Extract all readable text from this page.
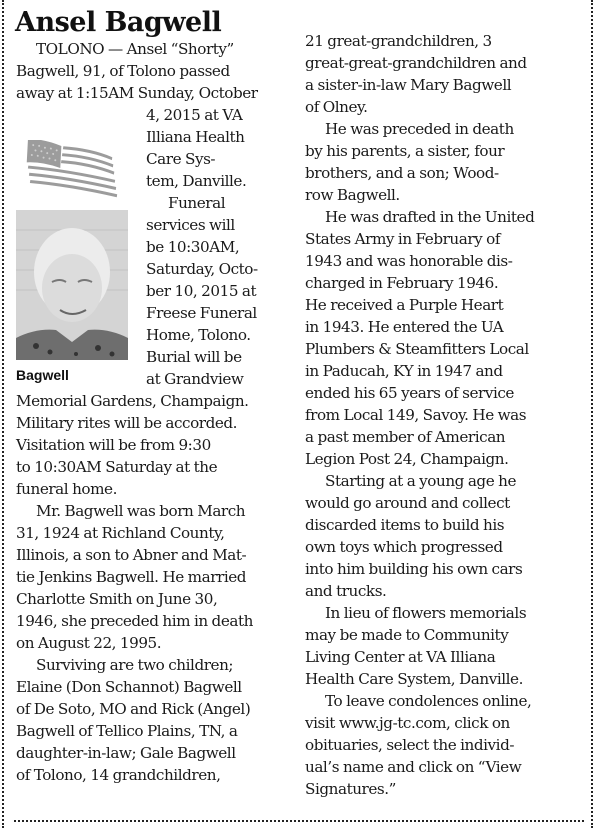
Ansel Bagwell
Bagwell
TOLONO — Ansel “Shorty”
Bagwell, 91, of Tolono passed
away at 1:15AM Sunday, October
4, 2015 at VA
Illiana Health
Care Sys-
tem, Danville.
Funeral
services will
be 10:30AM,
Saturday, Octo-
ber 10, 2015 at
Freese Funeral
Home, Tolono.
Burial will be
at Grandview
Memorial Gardens, Champaign.
Military rites will be accorded.
Visitation will be from 9:30
to 10:30AM Saturday at the
funeral home.
Mr. Bagwell was born March
31, 1924 at Richland County,
Illinois, a son to Abner and Mat-
tie Jenkins Bagwell. He married
Charlotte Smith on June 30,
1946, she preceded him in death
on August 22, 1995.
Surviving are two children;
Elaine (Don Schannot) Bagwell
of De Soto, MO and Rick (Angel)
Bagwell of Tellico Plains, TN, a
daughter-in-law; Gale Bagwell
of Tolono, 14 grandchildren,
21 great-grandchildren, 3
great-great-grandchildren and
a sister-in-law Mary Bagwell
of Olney.
He was preceded in death
by his parents, a sister, four
brothers, and a son; Wood-
row Bagwell.
He was drafted in the United
States Army in February of
1943 and was honorable dis-
charged in February 1946.
He received a Purple Heart
in 1943. He entered the UA
Plumbers & Steamfitters Local
in Paducah, KY in 1947 and
ended his 65 years of service
from Local 149, Savoy. He was
a past member of American
Legion Post 24, Champaign.
Starting at a young age he
would go around and collect
discarded items to build his
own toys which progressed
into him building his own cars
and trucks.
In lieu of flowers memorials
may be made to Community
Living Center at VA Illiana
Health Care System, Danville.
To leave condolences online,
visit www.jg-tc.com, click on
obituaries, select the individ-
ual’s name and click on “View
Signatures.”
